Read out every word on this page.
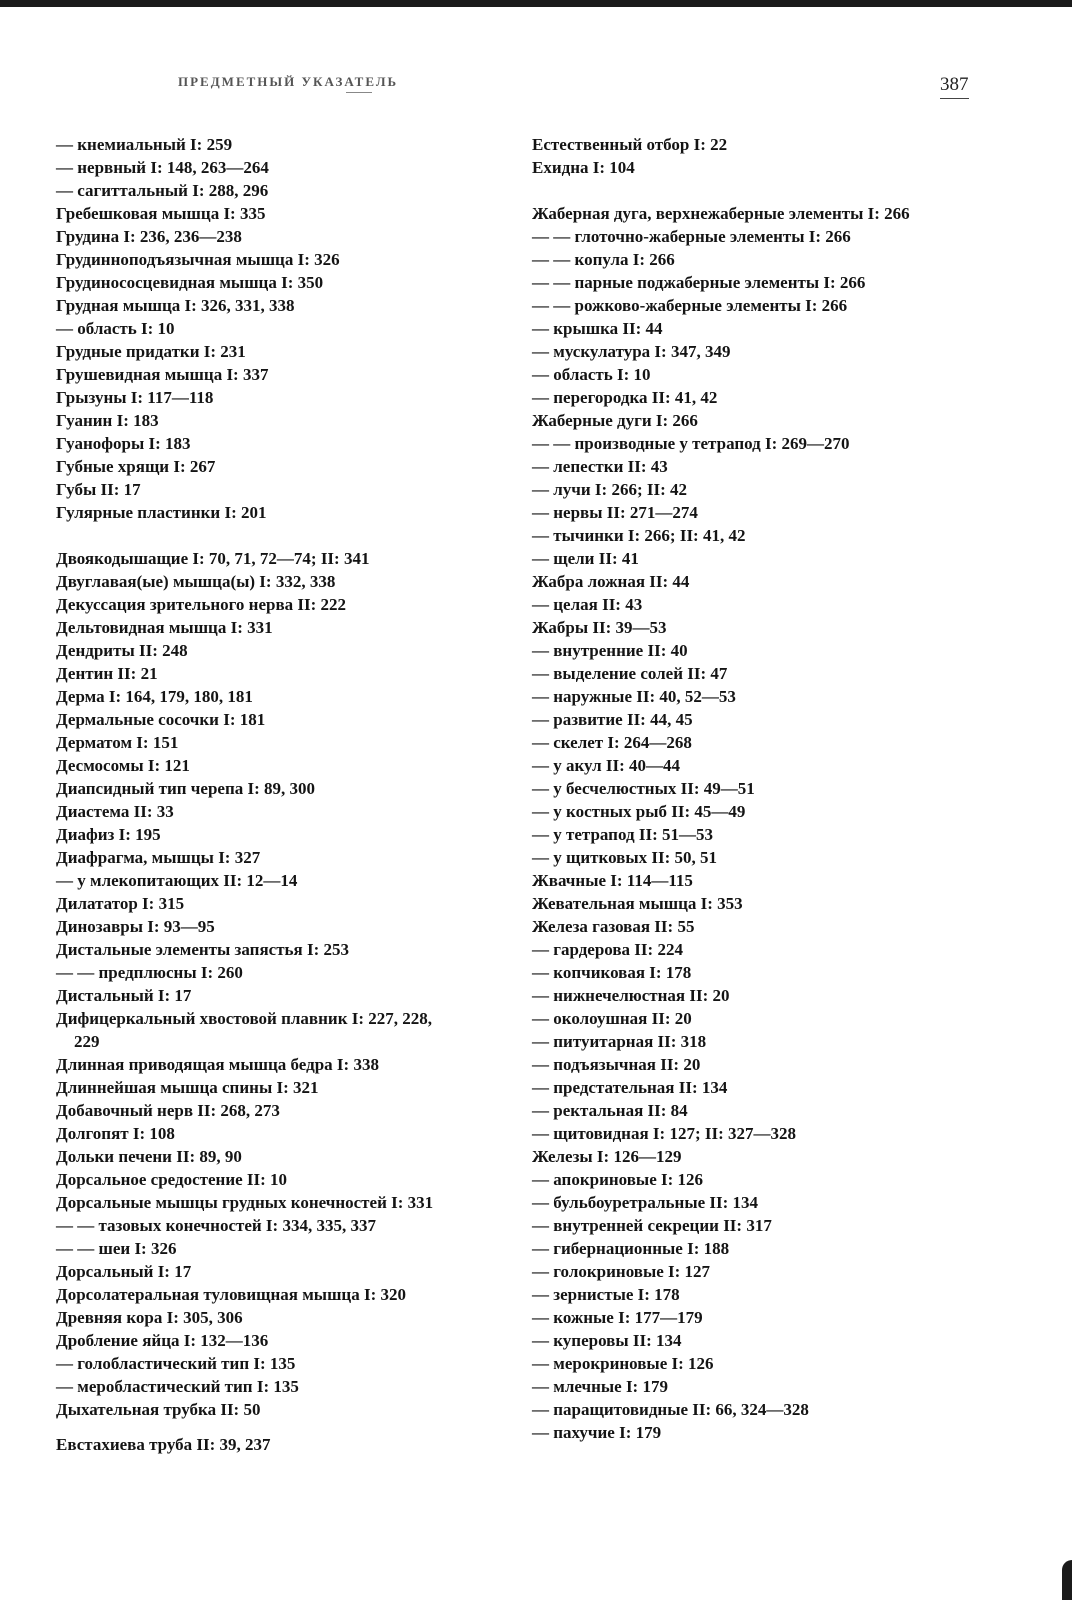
ПРЕДМЕТНЫЙ УКАЗАТЕЛЬ	387
— кнемиальный I: 259
— нервный I: 148, 263—264
— сагиттальный I: 288, 296
Гребешковая мышца I: 335
Грудина I: 236, 236—238
Грудинноподъязычная мышца I: 326
Грудинососцевидная мышца I: 350
Грудная мышца I: 326, 331, 338
— область I: 10
Грудные придатки I: 231
Грушевидная мышца I: 337
Грызуны I: 117—118
Гуанин I: 183
Гуанофоры I: 183
Губные хрящи I: 267
Губы II: 17
Гулярные пластинки I: 201
Двоякодышащие I: 70, 71, 72—74; II: 341
Двуглавая(ые) мышца(ы) I: 332, 338
Декуссация зрительного нерва II: 222
Дельтовидная мышца I: 331
Дендриты II: 248
Дентин II: 21
Дерма I: 164, 179, 180, 181
Дермальные сосочки I: 181
Дерматом I: 151
Десмосомы I: 121
Диапсидный тип черепа I: 89, 300
Диастема II: 33
Диафиз I: 195
Диафрагма, мышцы I: 327
— у млекопитающих II: 12—14
Дилататор I: 315
Динозавры I: 93—95
Дистальные элементы запястья I: 253
— — предплюсны I: 260
Дистальный I: 17
Дифицеркальный хвостовой плавник I: 227, 228,
229
Длинная приводящая мышца бедра I: 338
Длиннейшая мышца спины I: 321
Добавочный нерв II: 268, 273
Долгопят I: 108
Дольки печени II: 89, 90
Дорсальное средостение II: 10
Дорсальные мышцы грудных конечностей I: 331
— — тазовых конечностей I: 334, 335, 337
— — шеи I: 326
Дорсальный I: 17
Дорсолатеральная туловищная мышца I: 320
Древняя кора I: 305, 306
Дробление яйца I: 132—136
— голобластический тип I: 135
— меробластический тип I: 135
Дыхательная трубка II: 50
Евстахиева труба II: 39, 237
Естественный отбор I: 22
Ехидна I: 104
Жаберная дуга, верхнежаберные элементы I: 266
— — глоточно-жаберные элементы I: 266
— — копула I: 266
— — парные поджаберные элементы I: 266
— — рожково-жаберные элементы I: 266
— крышка II: 44
— мускулатура I: 347, 349
— область I: 10
— перегородка II: 41, 42
Жаберные дуги I: 266
— — производные у тетрапод I: 269—270
— лепестки II: 43
— лучи I: 266; II: 42
— нервы II: 271—274
— тычинки I: 266; II: 41, 42
— щели II: 41
Жабра ложная II: 44
— целая II: 43
Жабры II: 39—53
— внутренние II: 40
— выделение солей II: 47
— наружные II: 40, 52—53
— развитие II: 44, 45
— скелет I: 264—268
— у акул II: 40—44
— у бесчелюстных II: 49—51
— у костных рыб II: 45—49
— у тетрапод II: 51—53
— у щитковых II: 50, 51
Жвачные I: 114—115
Жевательная мышца I: 353
Железа газовая II: 55
— гардерова II: 224
— копчиковая I: 178
— нижнечелюстная II: 20
— околоушная II: 20
— питуитарная II: 318
— подъязычная II: 20
— предстательная II: 134
— ректальная II: 84
— щитовидная I: 127; II: 327—328
Железы I: 126—129
— апокриновые I: 126
— бульбоуретральные II: 134
— внутренней секреции II: 317
— гибернационные I: 188
— голокриновые I: 127
— зернистые I: 178
— кожные I: 177—179
— куперовы II: 134
— мерокриновые I: 126
— млечные I: 179
— паращитовидные II: 66, 324—328
— пахучие I: 179
